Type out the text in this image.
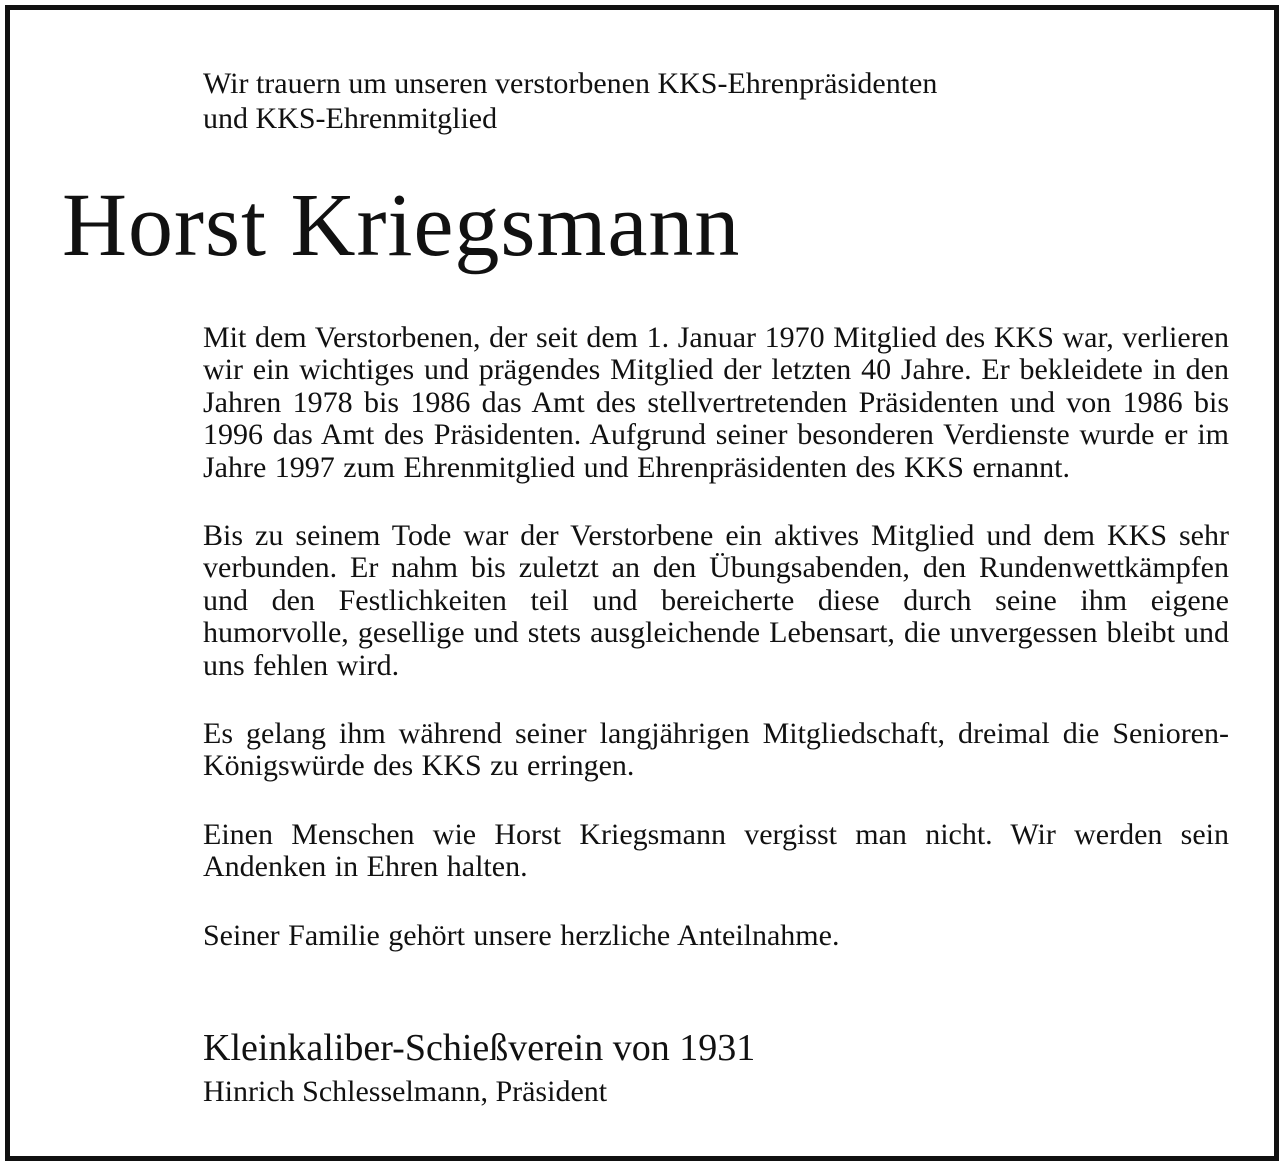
Wir trauern um unseren verstorbenen KKS-Ehrenpräsidenten
und KKS-Ehrenmitglied
Horst Kriegsmann

Mit dem Verstorbenen, der seit dem 1. Januar 1970 Mitglied des KKS war, verlieren wir ein wichtiges und prägendes Mitglied der letzten 40 Jahre. Er bekleidete in den Jahren 1978 bis 1986 das Amt des stellvertretenden Präsidenten und von 1986 bis 1996 das Amt des Präsidenten. Aufgrund seiner besonderen Verdienste wurde er im Jahre 1997 zum Ehrenmitglied und Ehrenpräsidenten des KKS ernannt.

Bis zu seinem Tode war der Verstorbene ein aktives Mitglied und dem KKS sehr verbunden. Er nahm bis zuletzt an den Übungsabenden, den Rundenwettkämpfen und den Festlichkeiten teil und bereicherte diese durch seine ihm eigene humorvolle, gesellige und stets ausgleichende Lebensart, die unvergessen bleibt und uns fehlen wird.

Es gelang ihm während seiner langjährigen Mitgliedschaft, dreimal die Senioren-Königswürde des KKS zu erringen.

Einen Menschen wie Horst Kriegsmann vergisst man nicht. Wir werden sein Andenken in Ehren halten.

Seiner Familie gehört unsere herzliche Anteilnahme.

Kleinkaliber-Schießverein von 1931
Hinrich Schlesselmann, Präsident
